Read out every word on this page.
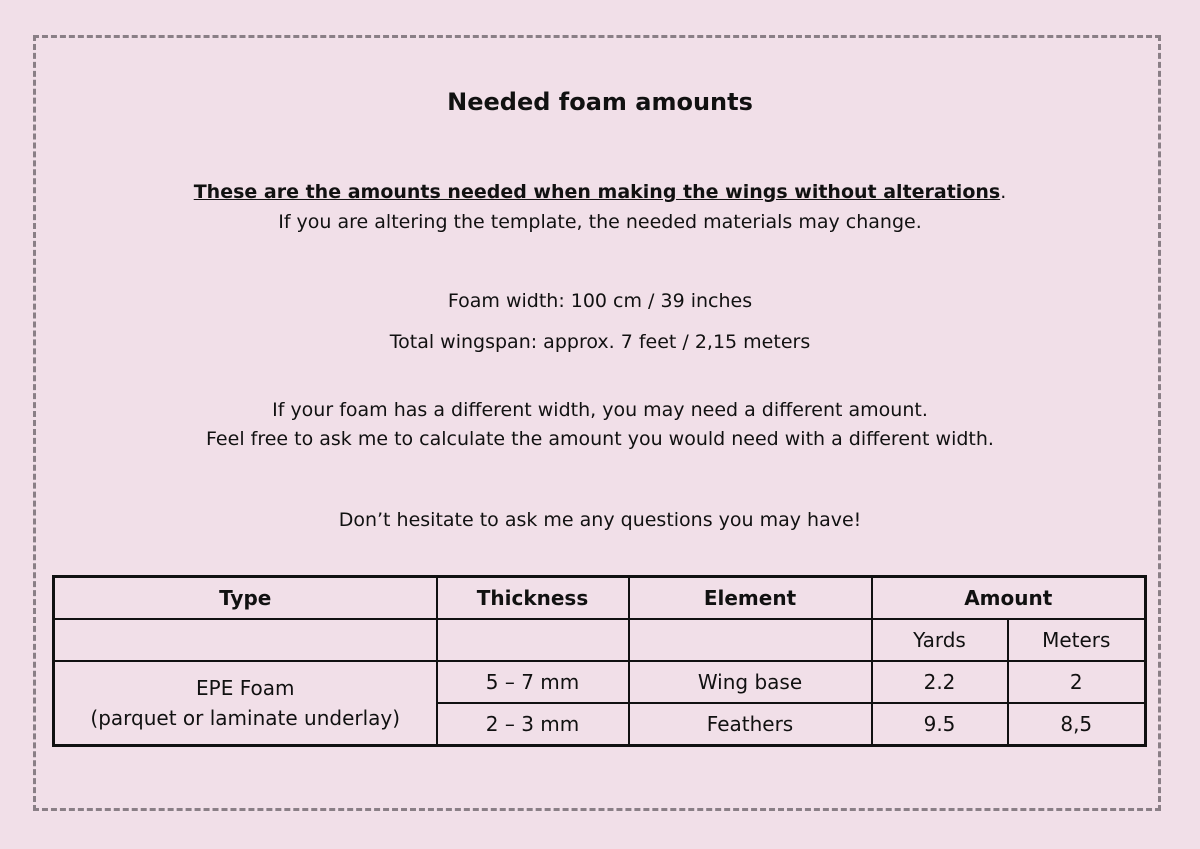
Needed foam amounts
These are the amounts needed when making the wings without alterations.
If you are altering the template, the needed materials may change.
Foam width: 100 cm / 39 inches
Total wingspan: approx. 7 feet / 2,15 meters
If your foam has a different width, you may need a different amount.
Feel free to ask me to calculate the amount you would need with a different width.
Don’t hesitate to ask me any questions you may have!
Type	Thickness	Element	Amount	
			Yards	Meters

EPE Foam
(parquet or laminate underlay)	5 – 7 mm	Wing base	2.2	2
	2 – 3 mm	Feathers	9.5	8,5
